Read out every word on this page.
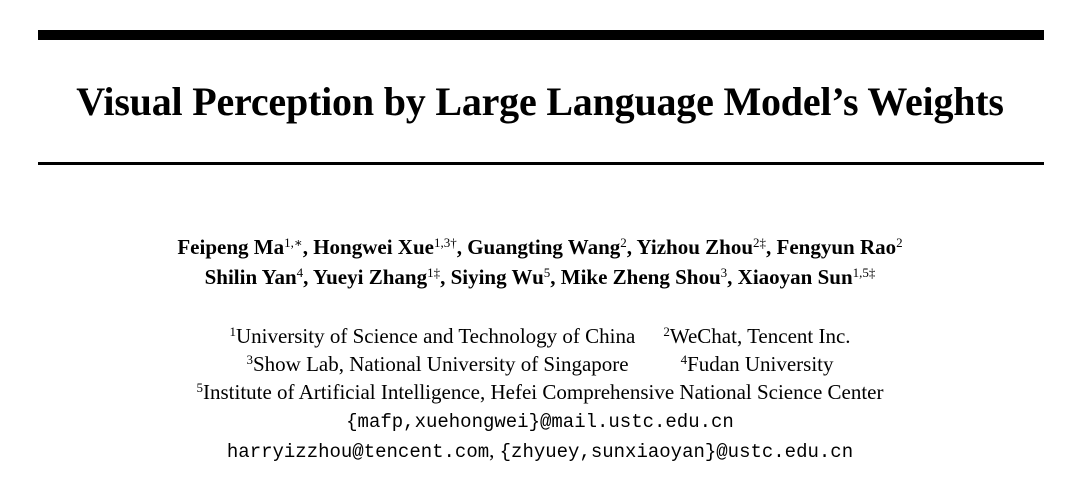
Visual Perception by Large Language Model’s Weights
Feipeng $Ma^{1,∗}$, Hongwei Xue$^{1,3\dagger}$, Guangting Wang$^2$, Yizhou Zhou$^{2\ddagger}$, Fengyun Rao$^2$
Shilin Yan$^4$, Yueyi Zhang$^{1\ddagger}$, Siying Wu$^5$, Mike Zheng Shou$^3$, Xiaoyan Sun$^{1,5\ddagger}$
$^1$University of Science and Technology of China $^2$WeChat, Tencent Inc.
$^3$Show Lab, National University of Singapore	$^4$Fudan University
$^5$Institute of Artificial Intelligence, Hefei Comprehensive National Science Center
{mafp,xuehongwei}@mail.ustc.edu.cn
harryizzhou@tencent.com, {zhyuey,sunxiaoyan}@ustc.edu.cn
